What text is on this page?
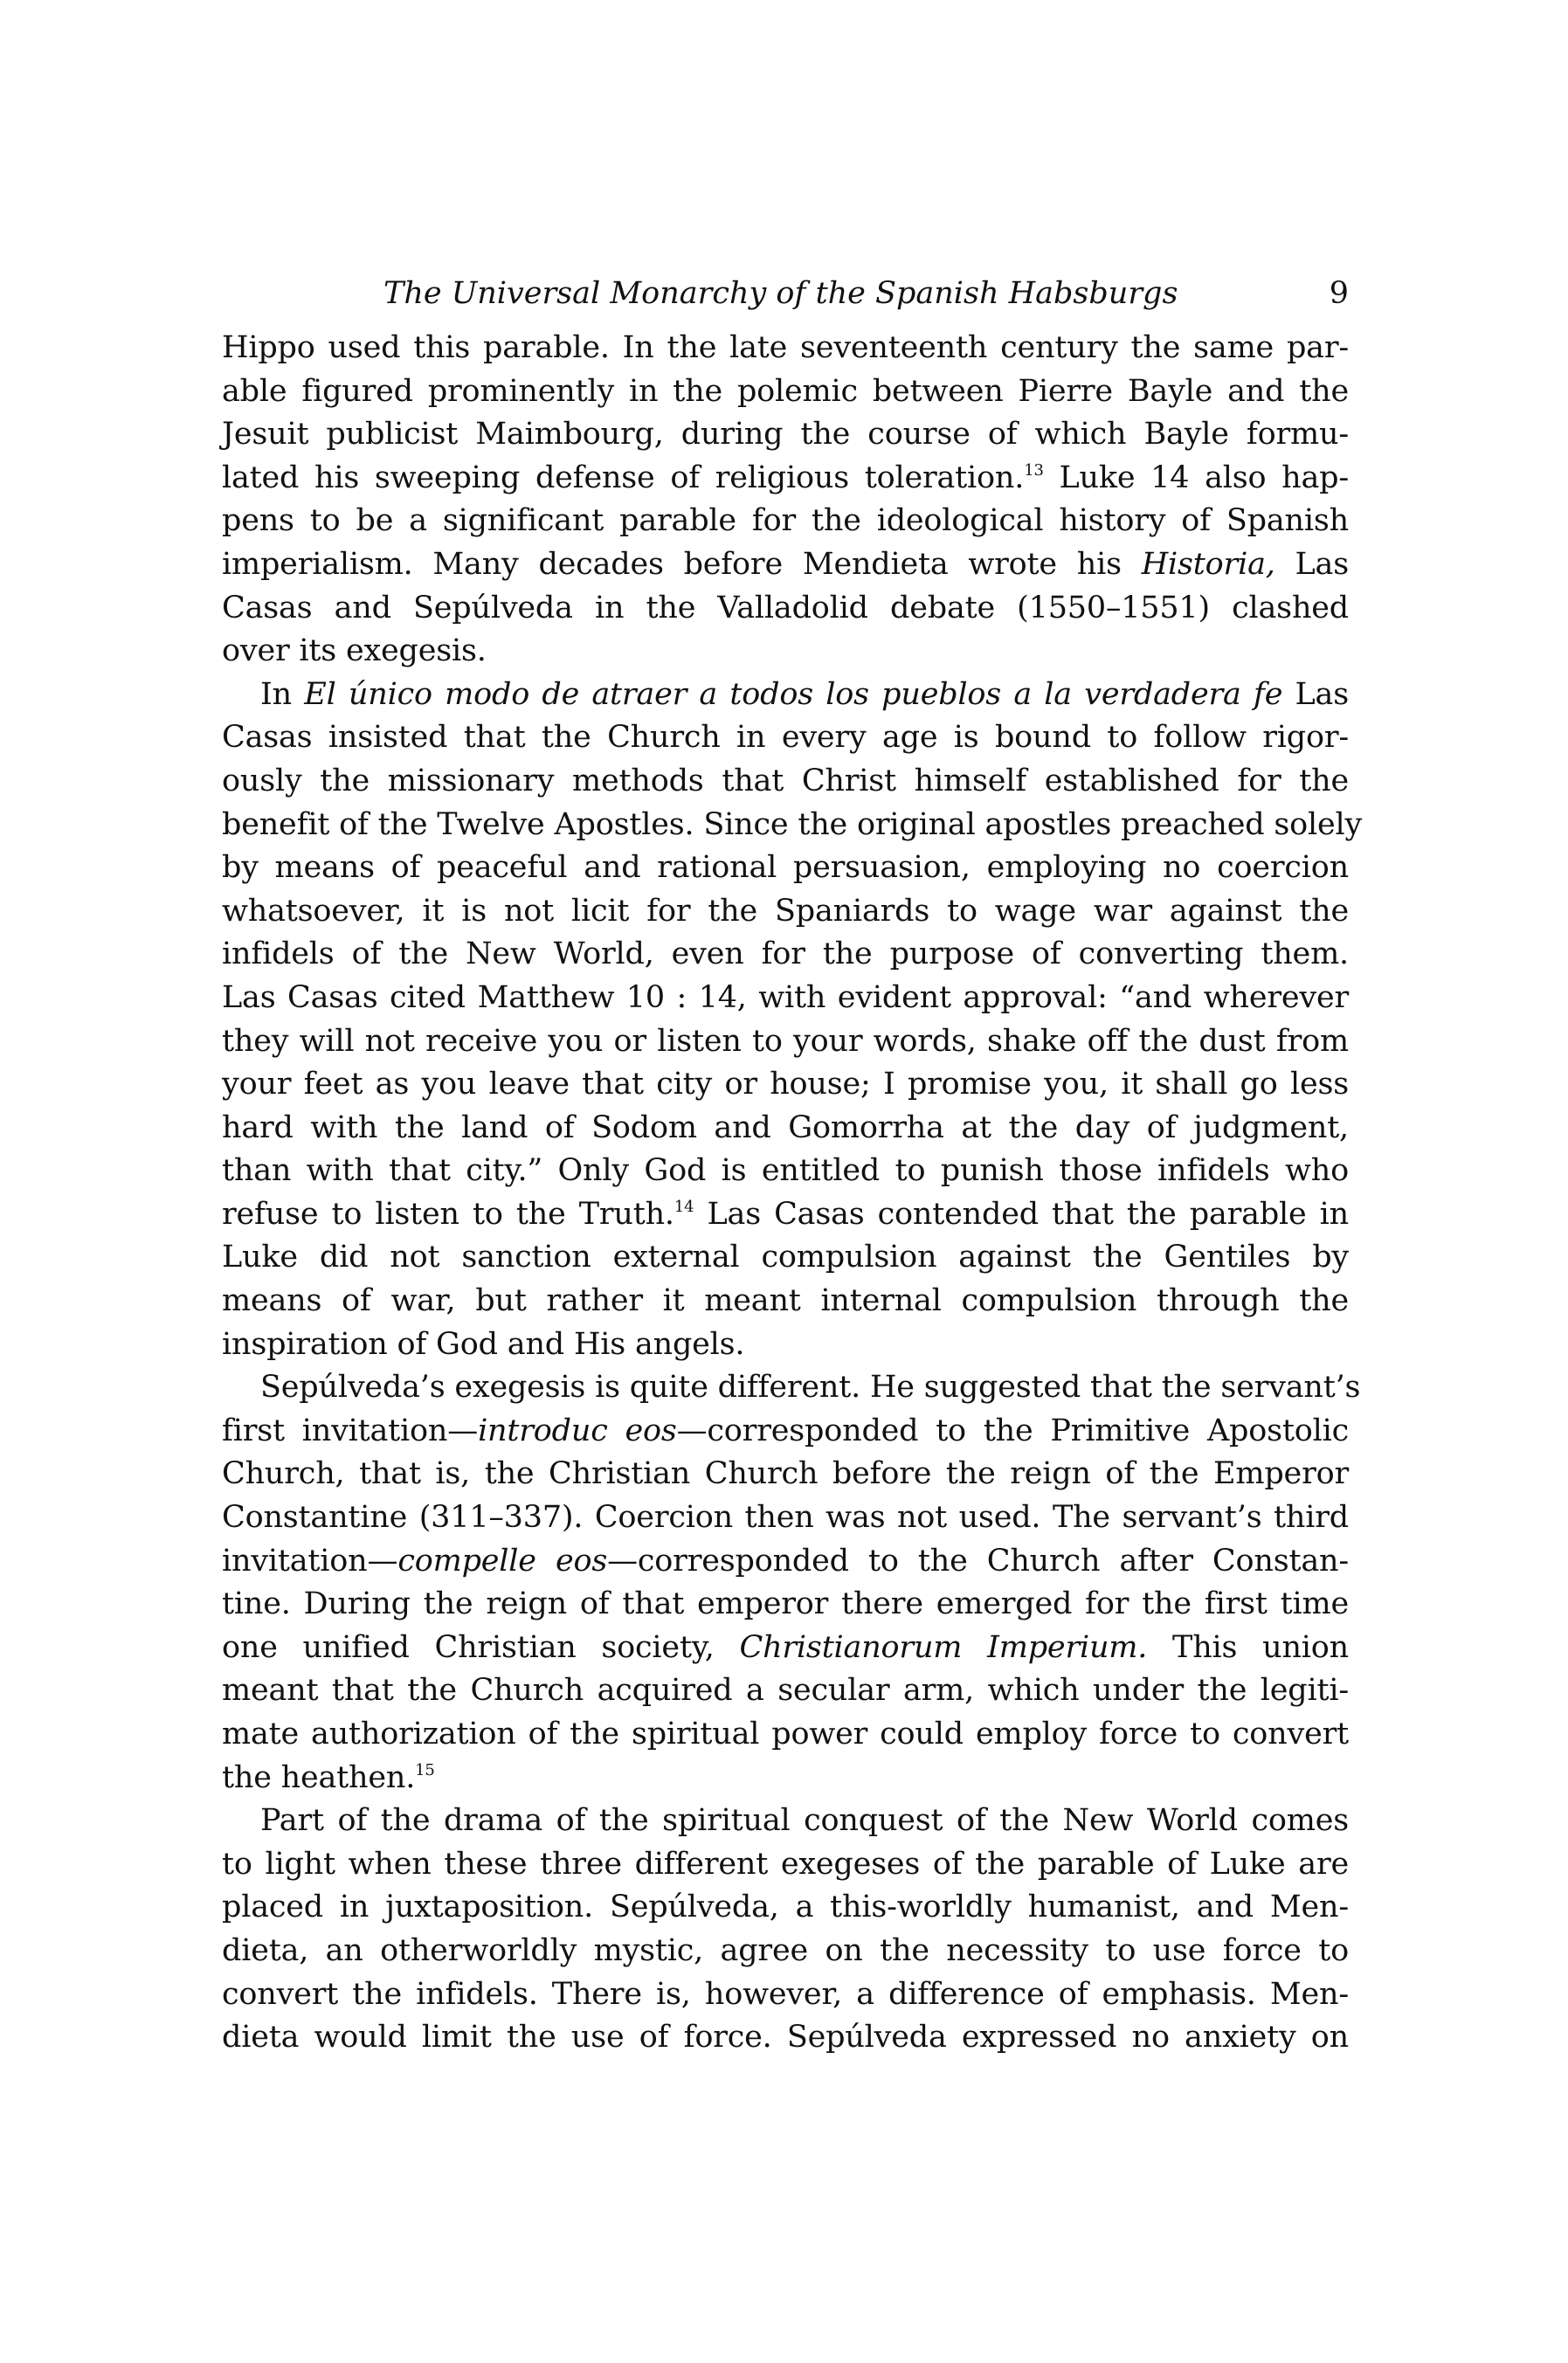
The Universal Monarchy of the Spanish Habsburgs	9
Hippo used this parable. In the late seventeenth century the same par-
able figured prominently in the polemic between Pierre Bayle and the
Jesuit publicist Maimbourg, during the course of which Bayle formu-
lated his sweeping defense of religious toleration.$^{13}$ Luke 14 also hap-
pens to be a significant parable for the ideological history of Spanish
imperialism. Many decades before Mendieta wrote his Historia, Las
Casas and Sepúlveda in the Valladolid debate (1550–1551) clashed
over its exegesis.
In El único modo de atraer a todos los pueblos a la verdadera fe Las
Casas insisted that the Church in every age is bound to follow rigor-
ously the missionary methods that Christ himself established for the
benefit of the Twelve Apostles. Since the original apostles preached solely
by means of peaceful and rational persuasion, employing no coercion
whatsoever, it is not licit for the Spaniards to wage war against the
infidels of the New World, even for the purpose of converting them.
Las Casas cited Matthew 10 : 14, with evident approval: “and wherever
they will not receive you or listen to your words, shake off the dust from
your feet as you leave that city or house; I promise you, it shall go less
hard with the land of Sodom and Gomorrha at the day of judgment,
than with that city.” Only God is entitled to punish those infidels who
refuse to listen to the Truth.$^{14}$ Las Casas contended that the parable in
Luke did not sanction external compulsion against the Gentiles by
means of war, but rather it meant internal compulsion through the
inspiration of God and His angels.
Sepúlveda’s exegesis is quite different. He suggested that the servant’s
first invitation—introduc eos—corresponded to the Primitive Apostolic
Church, that is, the Christian Church before the reign of the Emperor
Constantine (311–337). Coercion then was not used. The servant’s third
invitation—compelle eos—corresponded to the Church after Constan-
tine. During the reign of that emperor there emerged for the first time
one unified Christian society, Christianorum Imperium. This union
meant that the Church acquired a secular arm, which under the legiti-
mate authorization of the spiritual power could employ force to convert
the heathen.$^{15}$
Part of the drama of the spiritual conquest of the New World comes
to light when these three different exegeses of the parable of Luke are
placed in juxtaposition. Sepúlveda, a this-worldly humanist, and Men-
dieta, an otherworldly mystic, agree on the necessity to use force to
convert the infidels. There is, however, a difference of emphasis. Men-
dieta would limit the use of force. Sepúlveda expressed no anxiety on
